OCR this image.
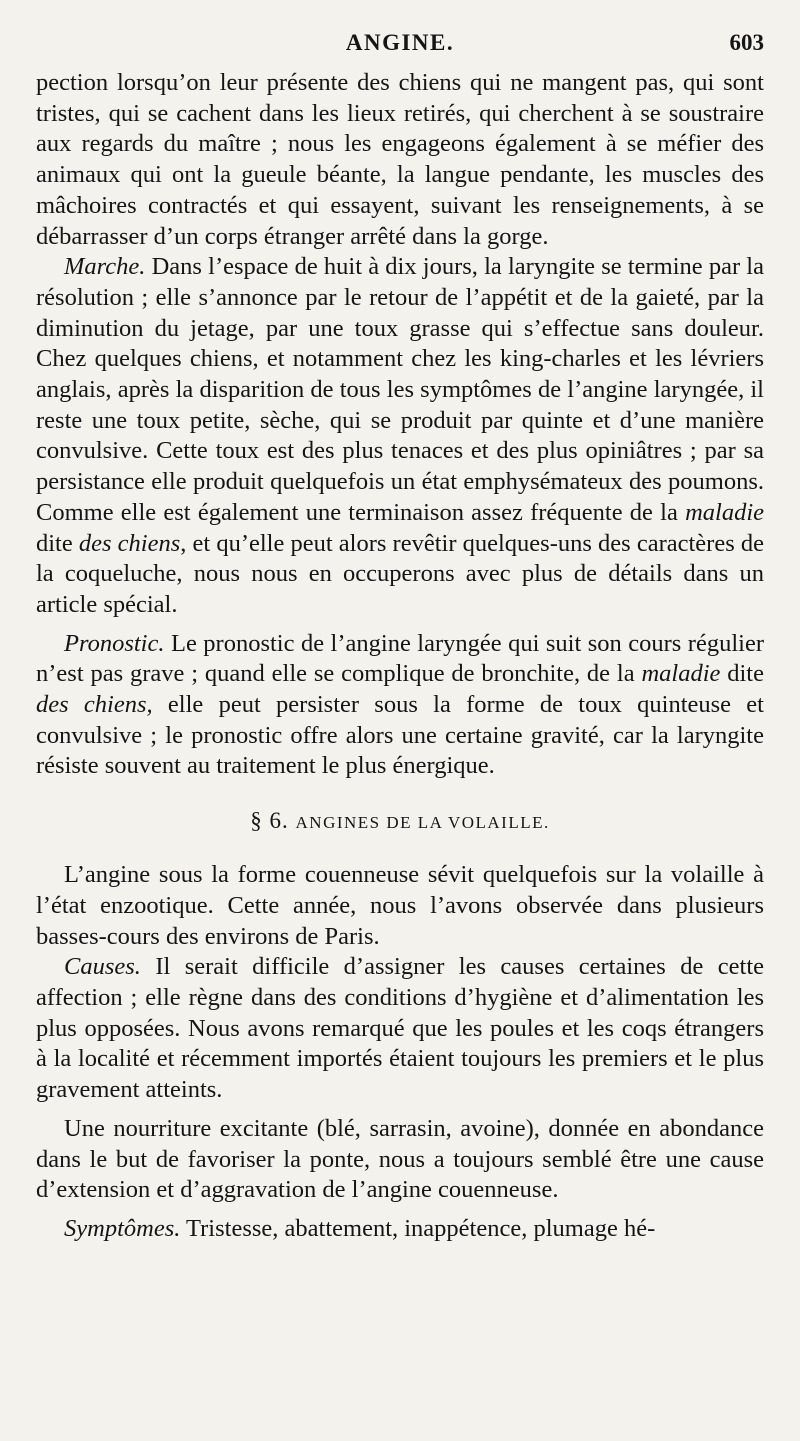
ANGINE.	603

pection lorsqu’on leur présente des chiens qui ne mangent pas, qui sont tristes, qui se cachent dans les lieux retirés, qui cherchent à se soustraire aux regards du maître ; nous les engageons également à se méfier des animaux qui ont la gueule béante, la langue pendante, les muscles des mâchoires contractés et qui essayent, suivant les renseignements, à se débarrasser d’un corps étranger arrêté dans la gorge.

Marche. Dans l’espace de huit à dix jours, la laryngite se termine par la résolution ; elle s’annonce par le retour de l’appétit et de la gaieté, par la diminution du jetage, par une toux grasse qui s’effectue sans douleur. Chez quelques chiens, et notamment chez les king-charles et les lévriers anglais, après la disparition de tous les symptômes de l’angine laryngée, il reste une toux petite, sèche, qui se produit par quinte et d’une manière convulsive. Cette toux est des plus tenaces et des plus opiniâtres ; par sa persistance elle produit quelquefois un état emphysémateux des poumons. Comme elle est également une terminaison assez fréquente de la maladie dite des chiens, et qu’elle peut alors revêtir quelques-uns des caractères de la coqueluche, nous nous en occuperons avec plus de détails dans un article spécial.

Pronostic. Le pronostic de l’angine laryngée qui suit son cours régulier n’est pas grave ; quand elle se complique de bronchite, de la maladie dite des chiens, elle peut persister sous la forme de toux quinteuse et convulsive ; le pronostic offre alors une certaine gravité, car la laryngite résiste souvent au traitement le plus énergique.

§ 6. ANGINES DE LA VOLAILLE.

L’angine sous la forme couenneuse sévit quelquefois sur la volaille à l’état enzootique. Cette année, nous l’avons observée dans plusieurs basses-cours des environs de Paris.

Causes. Il serait difficile d’assigner les causes certaines de cette affection ; elle règne dans des conditions d’hygiène et d’alimentation les plus opposées. Nous avons remarqué que les poules et les coqs étrangers à la localité et récemment importés étaient toujours les premiers et le plus gravement atteints.

Une nourriture excitante (blé, sarrasin, avoine), donnée en abondance dans le but de favoriser la ponte, nous a toujours semblé être une cause d’extension et d’aggravation de l’angine couenneuse.

Symptômes. Tristesse, abattement, inappétence, plumage hé-
